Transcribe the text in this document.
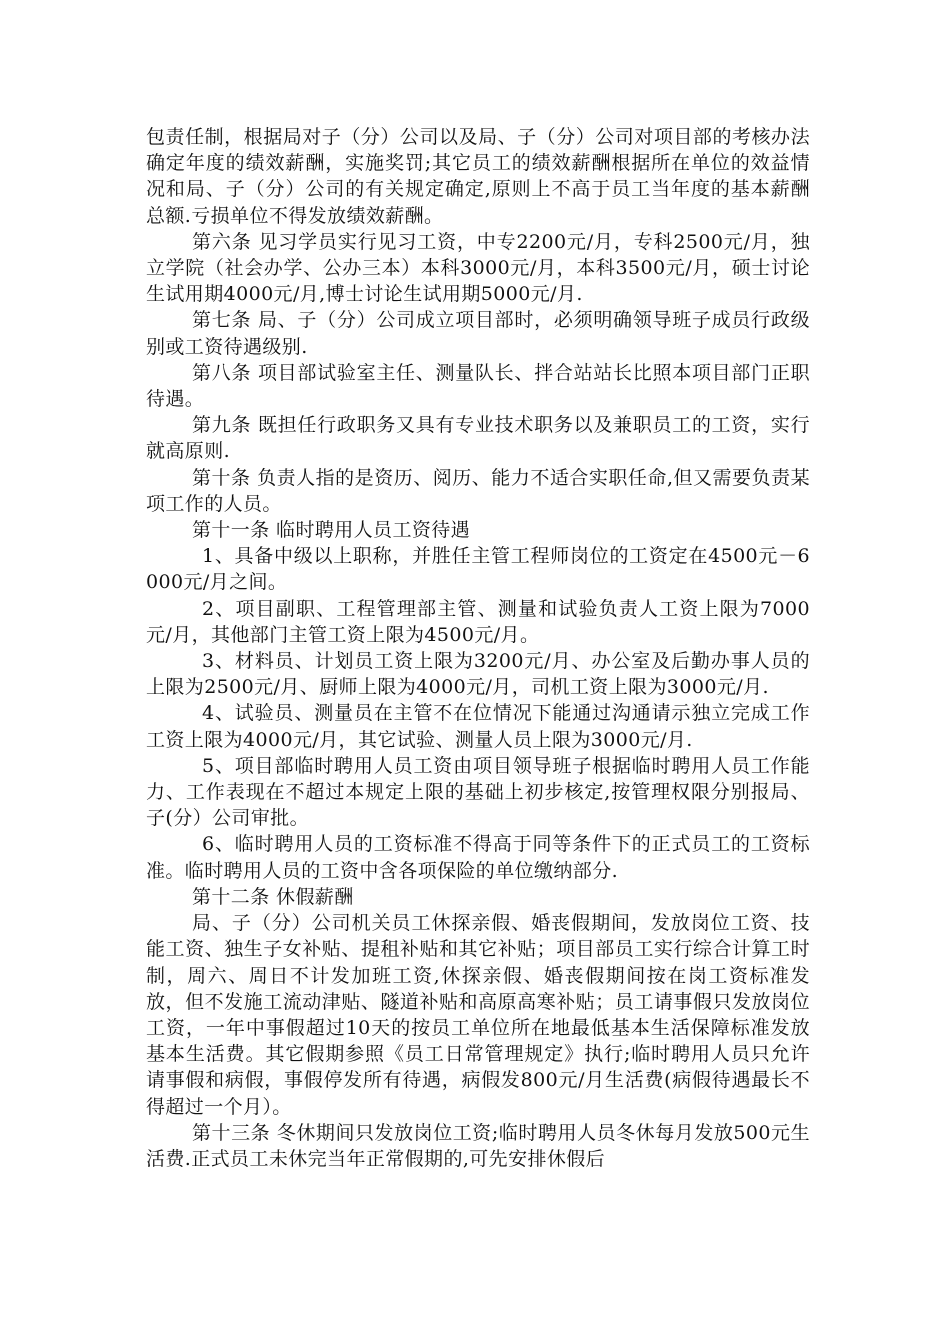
包责任制，根据局对子（分）公司以及局、子（分）公司对项目部的考核办法确定年度的绩效薪酬，实施奖罚;其它员工的绩效薪酬根据所在单位的效益情况和局、子（分）公司的有关规定确定,原则上不高于员工当年度的基本薪酬总额.亏损单位不得发放绩效薪酬。

第六条 见习学员实行见习工资，中专2200元/月，专科2500元/月，独立学院（社会办学、公办三本）本科3000元/月，本科3500元/月，硕士讨论生试用期4000元/月,博士讨论生试用期5000元/月.

第七条 局、子（分）公司成立项目部时，必须明确领导班子成员行政级别或工资待遇级别.

第八条 项目部试验室主任、测量队长、拌合站站长比照本项目部门正职待遇。

第九条 既担任行政职务又具有专业技术职务以及兼职员工的工资，实行就高原则.

第十条 负责人指的是资历、阅历、能力不适合实职任命,但又需要负责某项工作的人员。

第十一条 临时聘用人员工资待遇

1、具备中级以上职称，并胜任主管工程师岗位的工资定在4500元－6000元/月之间。

2、项目副职、工程管理部主管、测量和试验负责人工资上限为7000元/月，其他部门主管工资上限为4500元/月。

3、材料员、计划员工资上限为3200元/月、办公室及后勤办事人员的上限为2500元/月、厨师上限为4000元/月，司机工资上限为3000元/月.

4、试验员、测量员在主管不在位情况下能通过沟通请示独立完成工作工资上限为4000元/月，其它试验、测量人员上限为3000元/月.

5、项目部临时聘用人员工资由项目领导班子根据临时聘用人员工作能力、工作表现在不超过本规定上限的基础上初步核定,按管理权限分别报局、子(分）公司审批。

6、临时聘用人员的工资标准不得高于同等条件下的正式员工的工资标准。临时聘用人员的工资中含各项保险的单位缴纳部分.

第十二条 休假薪酬

局、子（分）公司机关员工休探亲假、婚丧假期间，发放岗位工资、技能工资、独生子女补贴、提租补贴和其它补贴；项目部员工实行综合计算工时制，周六、周日不计发加班工资,休探亲假、婚丧假期间按在岗工资标准发放，但不发施工流动津贴、隧道补贴和高原高寒补贴；员工请事假只发放岗位工资，一年中事假超过10天的按员工单位所在地最低基本生活保障标准发放基本生活费。其它假期参照《员工日常管理规定》执行;临时聘用人员只允许请事假和病假，事假停发所有待遇，病假发800元/月生活费(病假待遇最长不得超过一个月）。

第十三条 冬休期间只发放岗位工资;临时聘用人员冬休每月发放500元生活费.正式员工未休完当年正常假期的,可先安排休假后
